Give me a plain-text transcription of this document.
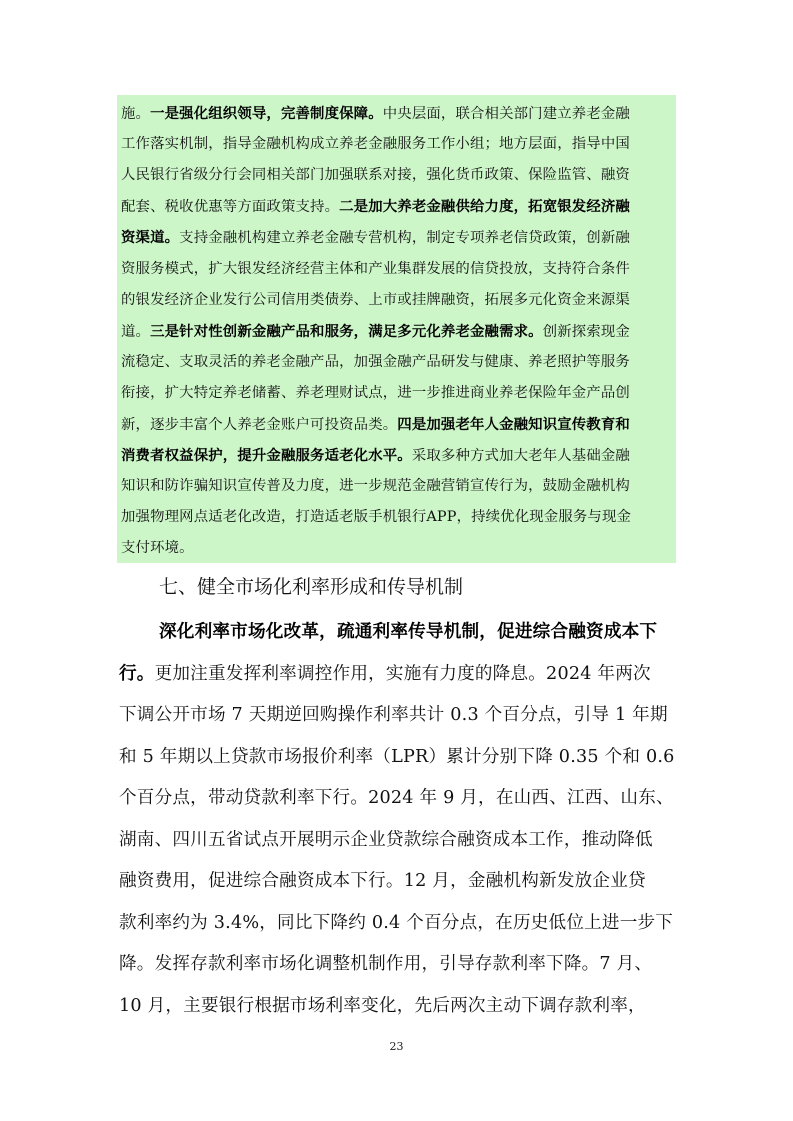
施。一是强化组织领导，完善制度保障。中央层面，联合相关部门建立养老金融
工作落实机制，指导金融机构成立养老金融服务工作小组；地方层面，指导中国
人民银行省级分行会同相关部门加强联系对接，强化货币政策、保险监管、融资
配套、税收优惠等方面政策支持。二是加大养老金融供给力度，拓宽银发经济融
资渠道。支持金融机构建立养老金融专营机构，制定专项养老信贷政策，创新融
资服务模式，扩大银发经济经营主体和产业集群发展的信贷投放，支持符合条件
的银发经济企业发行公司信用类债券、上市或挂牌融资，拓展多元化资金来源渠
道。三是针对性创新金融产品和服务，满足多元化养老金融需求。创新探索现金
流稳定、支取灵活的养老金融产品，加强金融产品研发与健康、养老照护等服务
衔接，扩大特定养老储蓄、养老理财试点，进一步推进商业养老保险年金产品创
新，逐步丰富个人养老金账户可投资品类。四是加强老年人金融知识宣传教育和
消费者权益保护，提升金融服务适老化水平。采取多种方式加大老年人基础金融
知识和防诈骗知识宣传普及力度，进一步规范金融营销宣传行为，鼓励金融机构
加强物理网点适老化改造，打造适老版手机银行APP，持续优化现金服务与现金
支付环境。
七、健全市场化利率形成和传导机制
深化利率市场化改革，疏通利率传导机制，促进综合融资成本下
行。更加注重发挥利率调控作用，实施有力度的降息。2024 年两次
下调公开市场 7 天期逆回购操作利率共计 0.3 个百分点，引导 1 年期
和 5 年期以上贷款市场报价利率（LPR）累计分别下降 0.35 个和 0.6
个百分点，带动贷款利率下行。2024 年 9 月，在山西、江西、山东、
湖南、四川五省试点开展明示企业贷款综合融资成本工作，推动降低
融资费用，促进综合融资成本下行。12 月，金融机构新发放企业贷
款利率约为 3.4%，同比下降约 0.4 个百分点，在历史低位上进一步下
降。发挥存款利率市场化调整机制作用，引导存款利率下降。7 月、
10 月，主要银行根据市场利率变化，先后两次主动下调存款利率，
23
